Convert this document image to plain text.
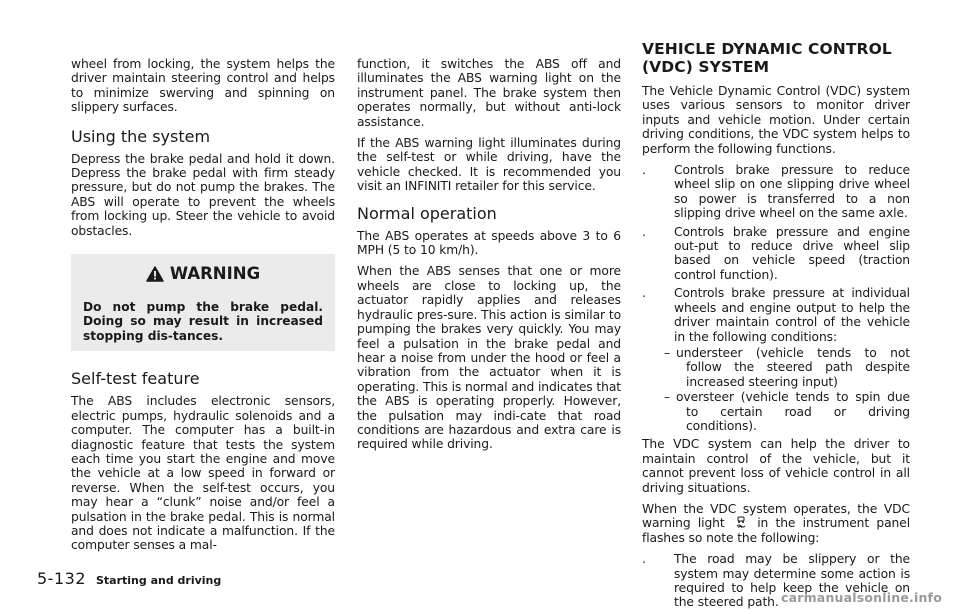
wheel from locking, the system helps the driver maintain steering control and helps to minimize swerving and spinning on slippery surfaces.

Using the system

Depress the brake pedal and hold it down. Depress the brake pedal with firm steady pressure, but do not pump the brakes. The ABS will operate to prevent the wheels from locking up. Steer the vehicle to avoid obstacles.

WARNING

Do not pump the brake pedal. Doing so may result in increased stopping dis-tances.

Self-test feature

The ABS includes electronic sensors, electric pumps, hydraulic solenoids and a computer. The computer has a built-in diagnostic feature that tests the system each time you start the engine and move the vehicle at a low speed in forward or reverse. When the self-test occurs, you may hear a “clunk” noise and/or feel a pulsation in the brake pedal. This is normal and does not indicate a malfunction. If the computer senses a mal-

function, it switches the ABS off and illuminates the ABS warning light on the instrument panel. The brake system then operates normally, but without anti-lock assistance.

If the ABS warning light illuminates during the self-test or while driving, have the vehicle checked. It is recommended you visit an INFINITI retailer for this service.

Normal operation

The ABS operates at speeds above 3 to 6 MPH (5 to 10 km/h).

When the ABS senses that one or more wheels are close to locking up, the actuator rapidly applies and releases hydraulic pres-sure. This action is similar to pumping the brakes very quickly. You may feel a pulsation in the brake pedal and hear a noise from under the hood or feel a vibration from the actuator when it is operating. This is normal and indicates that the ABS is operating properly. However, the pulsation may indi-cate that road conditions are hazardous and extra care is required while driving.

VEHICLE DYNAMIC CONTROL
(VDC) SYSTEM

The Vehicle Dynamic Control (VDC) system uses various sensors to monitor driver inputs and vehicle motion. Under certain driving conditions, the VDC system helps to perform the following functions.

.	Controls brake pressure to reduce wheel slip on one slipping drive wheel so power is transferred to a non slipping drive wheel on the same axle.
.	Controls brake pressure and engine out-put to reduce drive wheel slip based on vehicle speed (traction control function).
.	Controls brake pressure at individual wheels and engine output to help the driver maintain control of the vehicle in the following conditions:
– understeer (vehicle tends to not follow the steered path despite increased steering input)
– oversteer (vehicle tends to spin due to certain road or driving conditions).

The VDC system can help the driver to maintain control of the vehicle, but it cannot prevent loss of vehicle control in all driving situations.

When the VDC system operates, the VDC warning light	in the instrument panel flashes so note the following:

.	The road may be slippery or the system may determine some action is required to help keep the vehicle on the steered path.
5-132 Starting and driving
carmanualsonline.info
